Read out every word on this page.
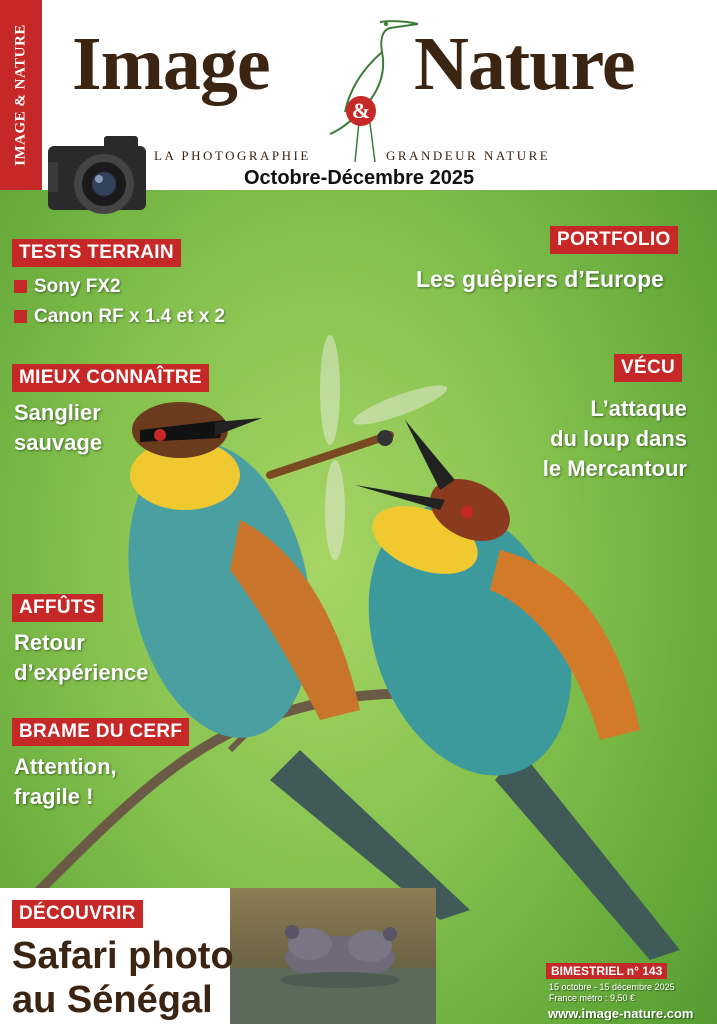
IMAGE & NATURE Image
&
Nature
LA PHOTOGRAPHIE	GRANDEUR NATURE
Octobre-Décembre 2025
TESTS TERRAIN
Sony FX2
Canon RF x 1.4 et x 2
PORTFOLIO
Les guêpiers d’Europe
MIEUX CONNAÎTRE
Sanglier
sauvage
VÉCU
L’attaque
du loup dans
le Mercantour
AFFÛTS
Retour
d’expérience
BRAME DU CERF
Attention,
fragile !
DÉCOUVRIR
Safari photo
au Sénégal
BIMESTRIEL n° 143
15 octobre - 15 décembre 2025
France métro : 9,50 €
www.image-nature.com
